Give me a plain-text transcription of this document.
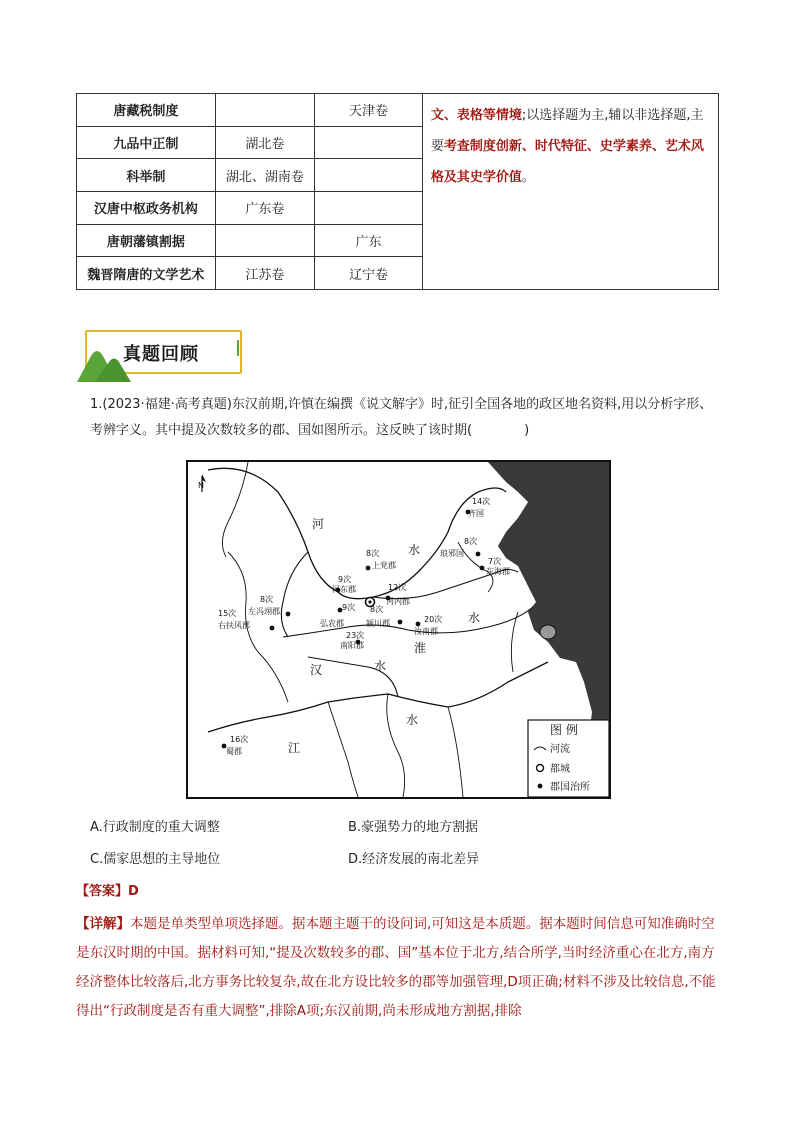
唐藏税制度		天津卷	文、表格等情境;以选择题为主,辅以非选择题,主要考查制度创新、时代特征、史学素养、艺术风格及其史学价值。
九品中正制	湖北卷		
科举制	湖北、湖南卷		
汉唐中枢政务机构	广东卷		
唐朝藩镇割据		广东	
魏晋隋唐的文学艺术	江苏卷	辽宁卷	
真题回顾
1.(2023·福建·高考真题)东汉前期,许慎在编撰《说文解字》时,征引全国各地的政区地名资料,用以分析字形、考辨字义。其中提及次数较多的郡、国如图所示。这反映了该时期(　　　　)
N
河
水
汉	水
江
水
淮
水
14次
齐国
8次
琅邪国
7次
东海郡
8次
上党郡
9次
河东郡	12次
河内郡
8次
左冯翊郡
15次
右扶风郡
9次
弘农郡
8次
颍川郡	20次
汝南郡
23次
南阳郡
16次
蜀郡
图 例
河流
都城
郡国治所
A.行政制度的重大调整	B.豪强势力的地方割据
C.儒家思想的主导地位	D.经济发展的南北差异
【答案】D
【详解】本题是单类型单项选择题。据本题主题干的设问词,可知这是本质题。据本题时间信息可知准确时空是东汉时期的中国。据材料可知,“提及次数较多的郡、国”基本位于北方,结合所学,当时经济重心在北方,南方经济整体比较落后,北方事务比较复杂,故在北方设比较多的郡等加强管理,D项正确;材料不涉及比较信息,不能得出“行政制度是否有重大调整”,排除A项;东汉前期,尚未形成地方割据,排除
